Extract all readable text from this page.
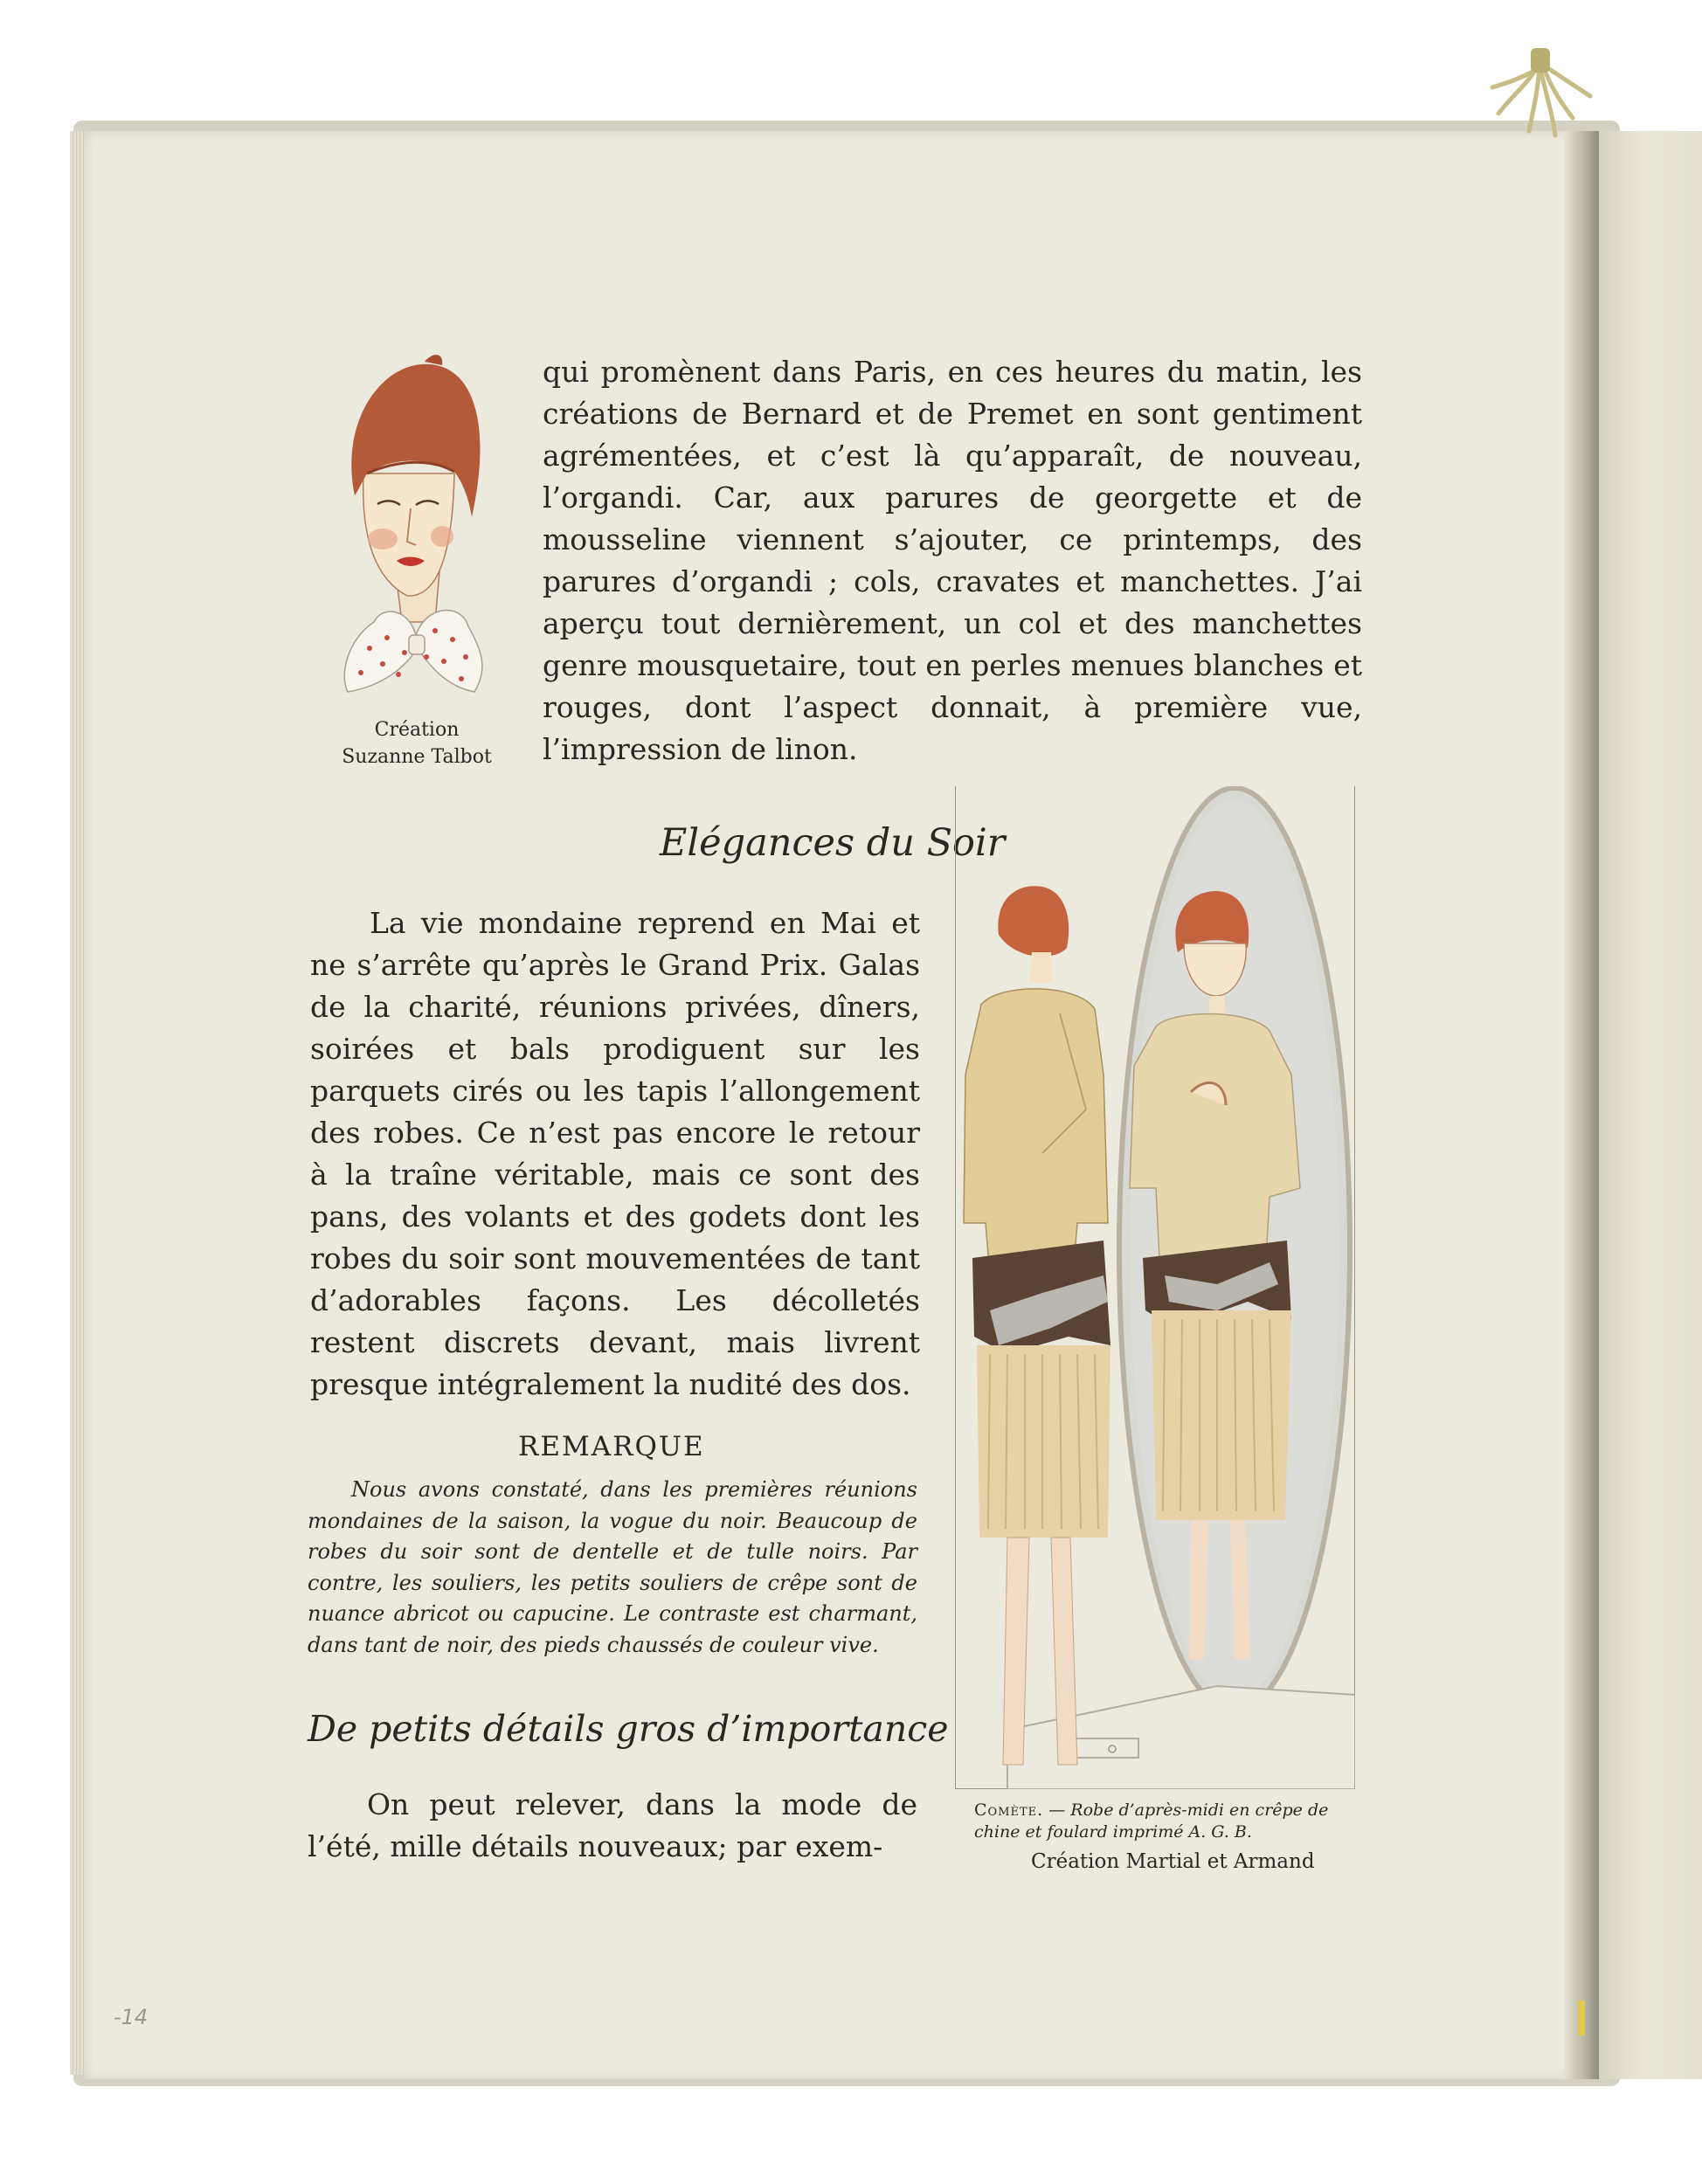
-14
Création
Suzanne Talbot

qui promènent dans Paris, en ces heures du matin, les créations de Bernard et de Premet en sont gentiment agrémentées, et c’est là qu’apparaît, de nouveau, l’organdi. Car, aux parures de georgette et de mousseline viennent s’ajouter, ce printemps, des parures d’organdi ; cols, cravates et manchettes. J’ai aperçu tout dernièrement, un col et des manchettes genre mousquetaire, tout en perles menues blanches et rouges, dont l’aspect donnait, à première vue, l’impression de linon.

Elégances du Soir

La vie mondaine reprend en Mai et ne s’arrête qu’après le Grand Prix. Galas de la charité, réunions privées, dîners, soirées et bals prodiguent sur les parquets cirés ou les tapis l’allongement des robes. Ce n’est pas encore le retour à la traîne véritable, mais ce sont des pans, des volants et des godets dont les robes du soir sont mouvementées de tant d’adorables façons. Les décolletés restent discrets devant, mais livrent presque intégralement la nudité des dos.

REMARQUE

Nous avons constaté, dans les premières réunions mondaines de la saison, la vogue du noir. Beaucoup de robes du soir sont de dentelle et de tulle noirs. Par contre, les souliers, les petits souliers de crêpe sont de nuance abricot ou capucine. Le contraste est charmant, dans tant de noir, des pieds chaussés de couleur vive.

De petits détails gros d’importance

On peut relever, dans la mode de l’été, mille détails nouveaux; par exem-

Comète. — Robe d’après-midi en crêpe de chine et foulard imprimé A. G. B.
Création Martial et Armand
